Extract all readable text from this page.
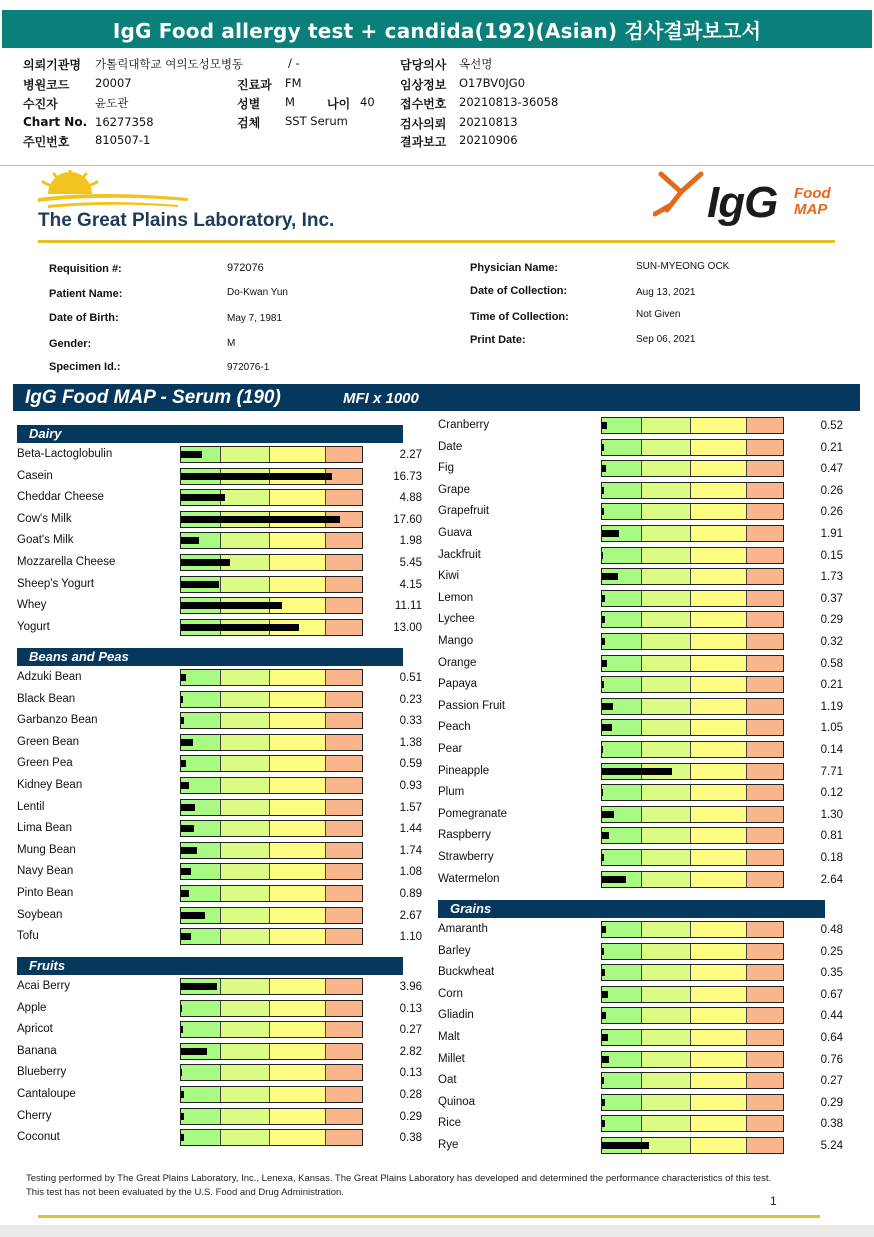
IgG Food allergy test + candida(192)(Asian) 검사결과보고서
의뢰기관명 가톨릭대학교 여의도성모병동	/ -
병원코드 20007
수진자	윤도관
Chart No. 16277358
주민번호 810507-1
진료과 FM
성별 M	나이 40
검체 SST Serum
담당의사 옥선명
임상정보 O17BV0JG0
접수번호 20210813-36058
검사의뢰 20210813
결과보고 20210906
The Great Plains Laboratory, Inc.	IgG Food
MAP
Requisition #:	972076
Patient Name:	Do-Kwan Yun
Date of Birth:	May 7, 1981
Gender:	M
Specimen Id.:	972076-1
Physician Name:	SUN-MYEONG OCK
Date of Collection:	Aug 13, 2021
Time of Collection:	Not Given
Print Date:	Sep 06, 2021
IgG Food MAP - Serum (190)	MFI x 1000
Dairy
Beta-Lactoglobulin	2.27
Casein	16.73
Cheddar Cheese	4.88
Cow's Milk	17.60
Goat's Milk	1.98
Mozzarella Cheese	5.45
Sheep's Yogurt	4.15
Whey	11.11
Yogurt	13.00
Beans and Peas
Adzuki Bean	0.51
Black Bean	0.23
Garbanzo Bean	0.33
Green Bean	1.38
Green Pea	0.59
Kidney Bean	0.93
Lentil	1.57
Lima Bean	1.44
Mung Bean	1.74
Navy Bean	1.08
Pinto Bean	0.89
Soybean	2.67
Tofu	1.10
Fruits
Acai Berry	3.96
Apple	0.13
Apricot	0.27
Banana	2.82
Blueberry	0.13
Cantaloupe	0.28
Cherry	0.29
Coconut	0.38
Cranberry	0.52
Date	0.21
Fig	0.47
Grape	0.26
Grapefruit	0.26
Guava	1.91
Jackfruit	0.15
Kiwi	1.73
Lemon	0.37
Lychee	0.29
Mango	0.32
Orange	0.58
Papaya	0.21
Passion Fruit	1.19
Peach	1.05
Pear	0.14
Pineapple	7.71
Plum	0.12
Pomegranate	1.30
Raspberry	0.81
Strawberry	0.18
Watermelon	2.64
Grains
Amaranth	0.48
Barley	0.25
Buckwheat	0.35
Corn	0.67
Gliadin	0.44
Malt	0.64
Millet	0.76
Oat	0.27
Quinoa	0.29
Rice	0.38
Rye	5.24
Testing performed by The Great Plains Laboratory, Inc., Lenexa, Kansas. The Great Plains Laboratory has developed and determined the performance characteristics of this test. This test has not been evaluated by the U.S. Food and Drug Administration.
1
